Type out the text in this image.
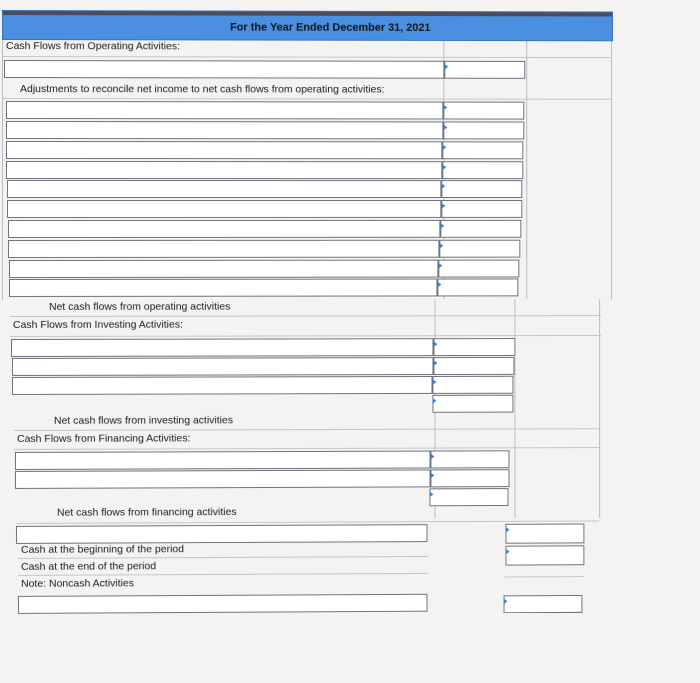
For the Year Ended December 31, 2021
Cash Flows from Operating Activities:
Adjustments to reconcile net income to net cash flows from operating activities:
Net cash flows from operating activities
Cash Flows from Investing Activities:
Net cash flows from investing activities
Cash Flows from Financing Activities:
Net cash flows from financing activities
Cash at the beginning of the period
Cash at the end of the period
Note: Noncash Activities
